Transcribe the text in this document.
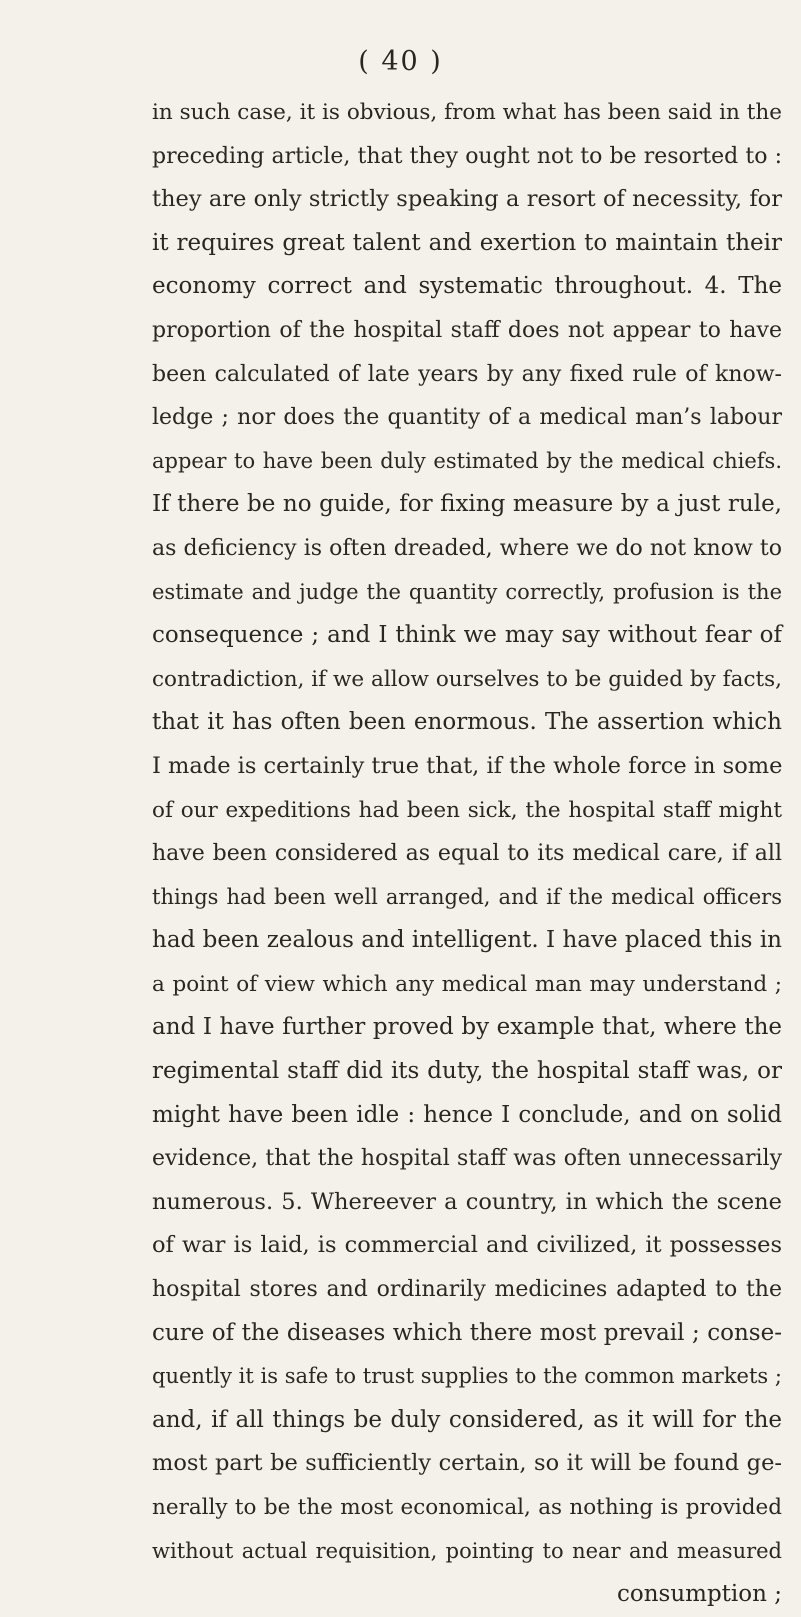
( 40 )
in such case, it is obvious, from what has been said in the
preceding article, that they ought not to be resorted to :
they are only strictly speaking a resort of necessity, for
it requires great talent and exertion to maintain their
economy correct and systematic throughout. 4. The
proportion of the hospital staff does not appear to have
been calculated of late years by any fixed rule of know-
ledge ; nor does the quantity of a medical man’s labour
appear to have been duly estimated by the medical chiefs.
If there be no guide, for fixing measure by a just rule,
as deficiency is often dreaded, where we do not know to
estimate and judge the quantity correctly, profusion is the
consequence ; and I think we may say without fear of
contradiction, if we allow ourselves to be guided by facts,
that it has often been enormous. The assertion which
I made is certainly true that, if the whole force in some
of our expeditions had been sick, the hospital staff might
have been considered as equal to its medical care, if all
things had been well arranged, and if the medical officers
had been zealous and intelligent. I have placed this in
a point of view which any medical man may understand ;
and I have further proved by example that, where the
regimental staff did its duty, the hospital staff was, or
might have been idle : hence I conclude, and on solid
evidence, that the hospital staff was often unnecessarily
numerous. 5. Whereever a country, in which the scene
of war is laid, is commercial and civilized, it possesses
hospital stores and ordinarily medicines adapted to the
cure of the diseases which there most prevail ; conse-
quently it is safe to trust supplies to the common markets ;
and, if all things be duly considered, as it will for the
most part be sufficiently certain, so it will be found ge-
nerally to be the most economical, as nothing is provided
without actual requisition, pointing to near and measured
consumption ;
